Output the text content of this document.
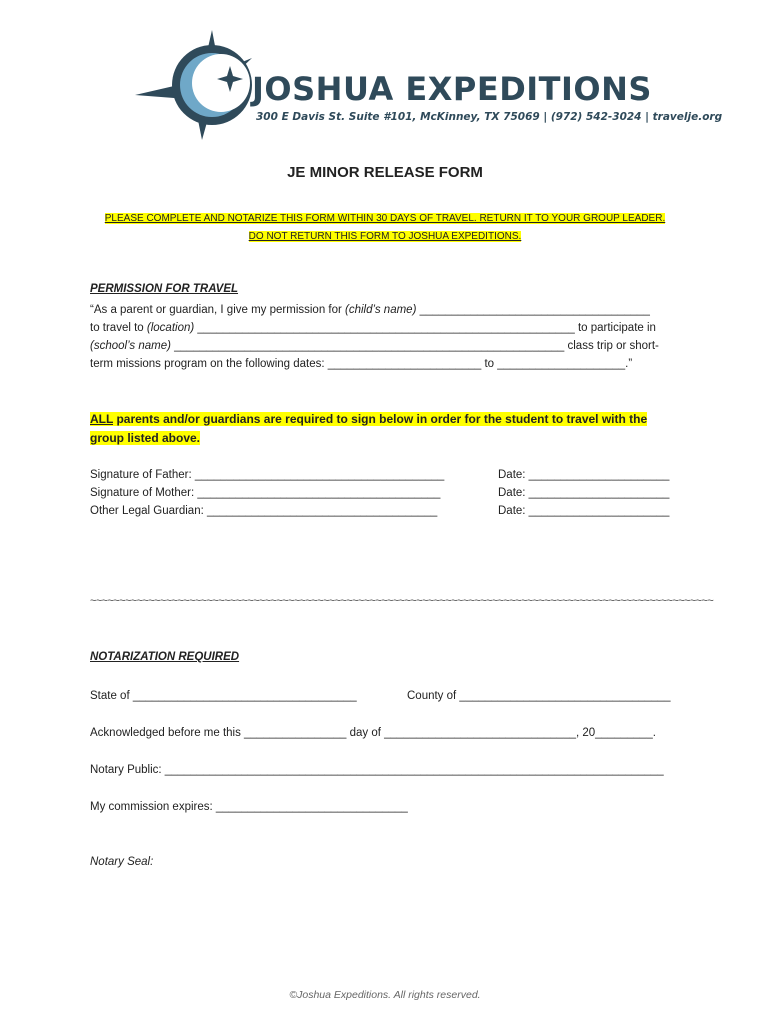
JOSHUA EXPEDITIONS
300 E Davis St. Suite #101, McKinney, TX 75069 | (972) 542-3024 | travelje.org
JE MINOR RELEASE FORM
PLEASE COMPLETE AND NOTARIZE THIS FORM WITHIN 30 DAYS OF TRAVEL. RETURN IT TO YOUR GROUP LEADER.
DO NOT RETURN THIS FORM TO JOSHUA EXPEDITIONS.
PERMISSION FOR TRAVEL
“As a parent or guardian, I give my permission for (child’s name) ____________________________________
to travel to (location) ___________________________________________________________ to participate in
(school’s name) _____________________________________________________________ class trip or short-
term missions program on the following dates: ________________________ to ____________________.”
ALL parents and/or guardians are required to sign below in order for the student to travel with the group listed above.
Signature of Father: _______________________________________
Signature of Mother: ______________________________________
Other Legal Guardian: ____________________________________
Date: ______________________
Date: ______________________
Date: ______________________
~~~~~~~~~~~~~~~~~~~~~~~~~~~~~~~~~~~~~~~~~~~~~~~~~~~~~~~~~~~~~~~~~~~~~~~~~~~~~~~~~~~~~~~~~~~~~~~~~~~~~~~~~~~
NOTARIZATION REQUIRED
State of ___________________________________	County of _________________________________
Acknowledged before me this ________________ day of ______________________________, 20_________.
Notary Public: ______________________________________________________________________________
My commission expires: ______________________________
Notary Seal:
©Joshua Expeditions. All rights reserved.
